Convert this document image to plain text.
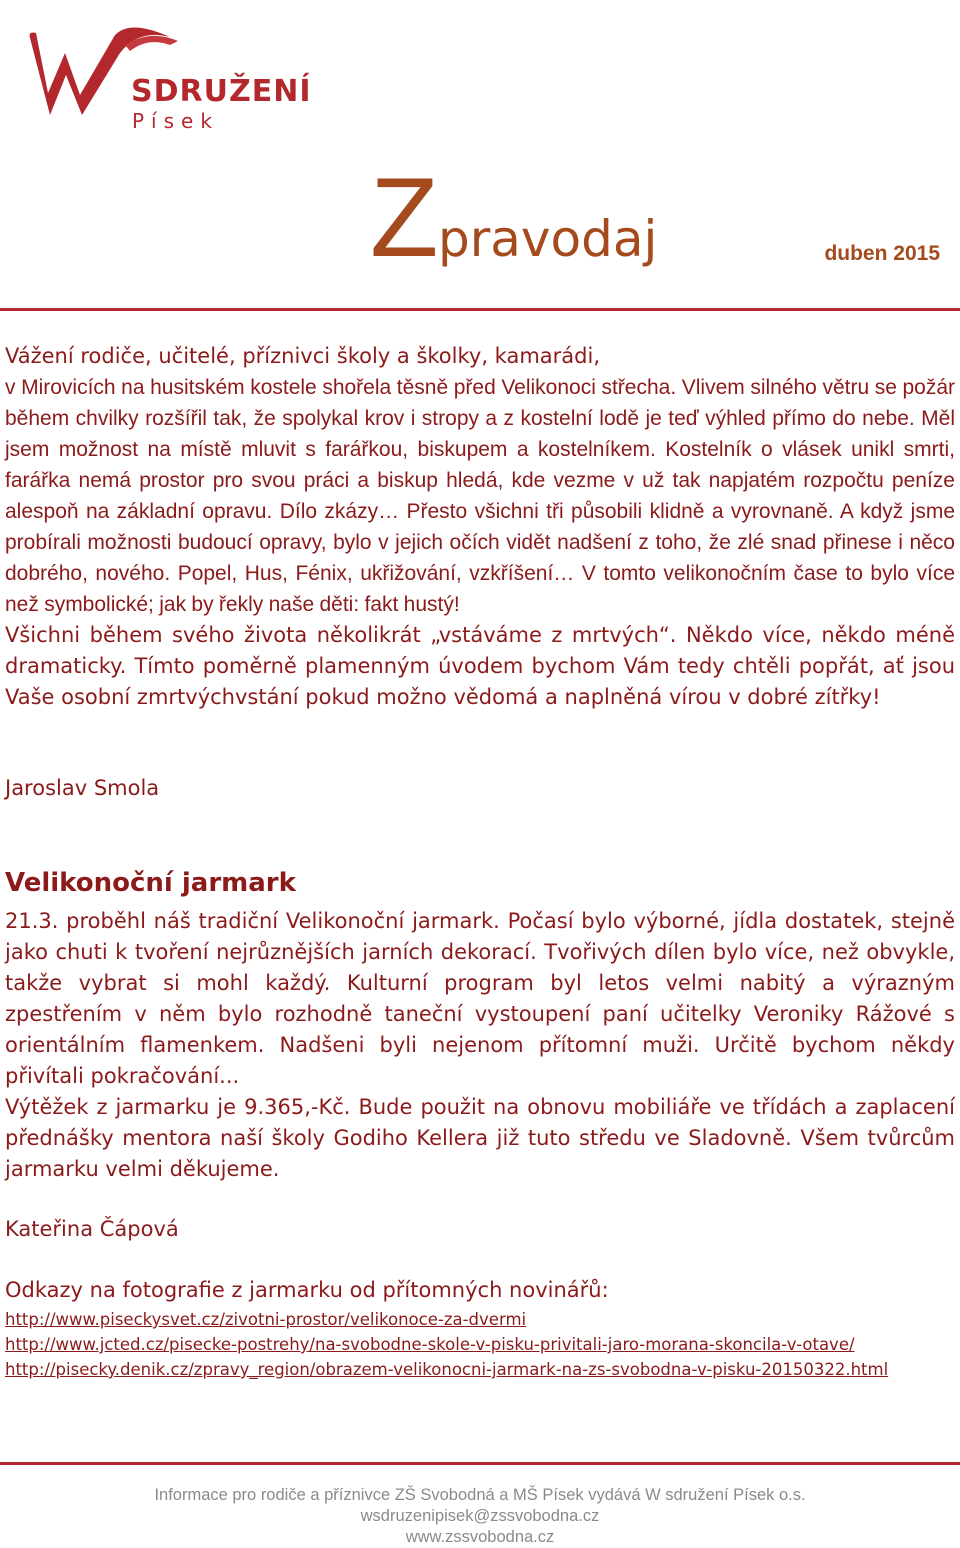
SDRUŽENÍ
Písek
Z pravodaj	duben 2015

Vážení rodiče, učitelé, příznivci školy a školky, kamarádi,

v Mirovicích na husitském kostele shořela těsně před Velikonoci střecha. Vlivem silného větru se požár během chvilky rozšířil tak, že spolykal krov i stropy a z kostelní lodě je teď výhled přímo do nebe. Měl jsem možnost na místě mluvit s farářkou, biskupem a kostelníkem. Kostelník o vlásek unikl smrti, farářka nemá prostor pro svou práci a biskup hledá, kde vezme v už tak napjatém rozpočtu peníze alespoň na základní opravu. Dílo zkázy… Přesto všichni tři působili klidně a vyrovnaně. A když jsme probírali možnosti budoucí opravy, bylo v jejich očích vidět nadšení z toho, že zlé snad přinese i něco dobrého, nového. Popel, Hus, Fénix, ukřižování, vzkříšení… V tomto velikonočním čase to bylo více než symbolické; jak by řekly naše děti: fakt hustý!

Všichni během svého života několikrát „vstáváme z mrtvých“. Někdo více, někdo méně dramaticky. Tímto poměrně plamenným úvodem bychom Vám tedy chtěli popřát, ať jsou Vaše osobní zmrtvýchvstání pokud možno vědomá a naplněná vírou v dobré zítřky!

Jaroslav Smola
Velikonoční jarmark

21.3. proběhl náš tradiční Velikonoční jarmark. Počasí bylo výborné, jídla dostatek, stejně jako chuti k tvoření nejrůznějších jarních dekorací. Tvořivých dílen bylo více, než obvykle, takže vybrat si mohl každý. Kulturní program byl letos velmi nabitý a výrazným zpestřením v něm bylo rozhodně taneční vystoupení paní učitelky Veroniky Rážové s orientálním flamenkem. Nadšeni byli nejenom přítomní muži. Určitě bychom někdy přivítali pokračování...

Výtěžek z jarmarku je 9.365,-Kč. Bude použit na obnovu mobiliáře ve třídách a zaplacení přednášky mentora naší školy Godiho Kellera již tuto středu ve Sladovně. Všem tvůrcům jarmarku velmi děkujeme.

Kateřina Čápová
Odkazy na fotografie z jarmarku od přítomných novinářů:
http://www.piseckysvet.cz/zivotni-prostor/velikonoce-za-dvermi
http://www.jcted.cz/pisecke-postrehy/na-svobodne-skole-v-pisku-privitali-jaro-morana-skoncila-v-otave/
http://pisecky.denik.cz/zpravy_region/obrazem-velikonocni-jarmark-na-zs-svobodna-v-pisku-20150322.html
Informace pro rodiče a příznivce ZŠ Svobodná a MŠ Písek vydává W sdružení Písek o.s.
wsdruzenipisek@zssvobodna.cz
www.zssvobodna.cz
